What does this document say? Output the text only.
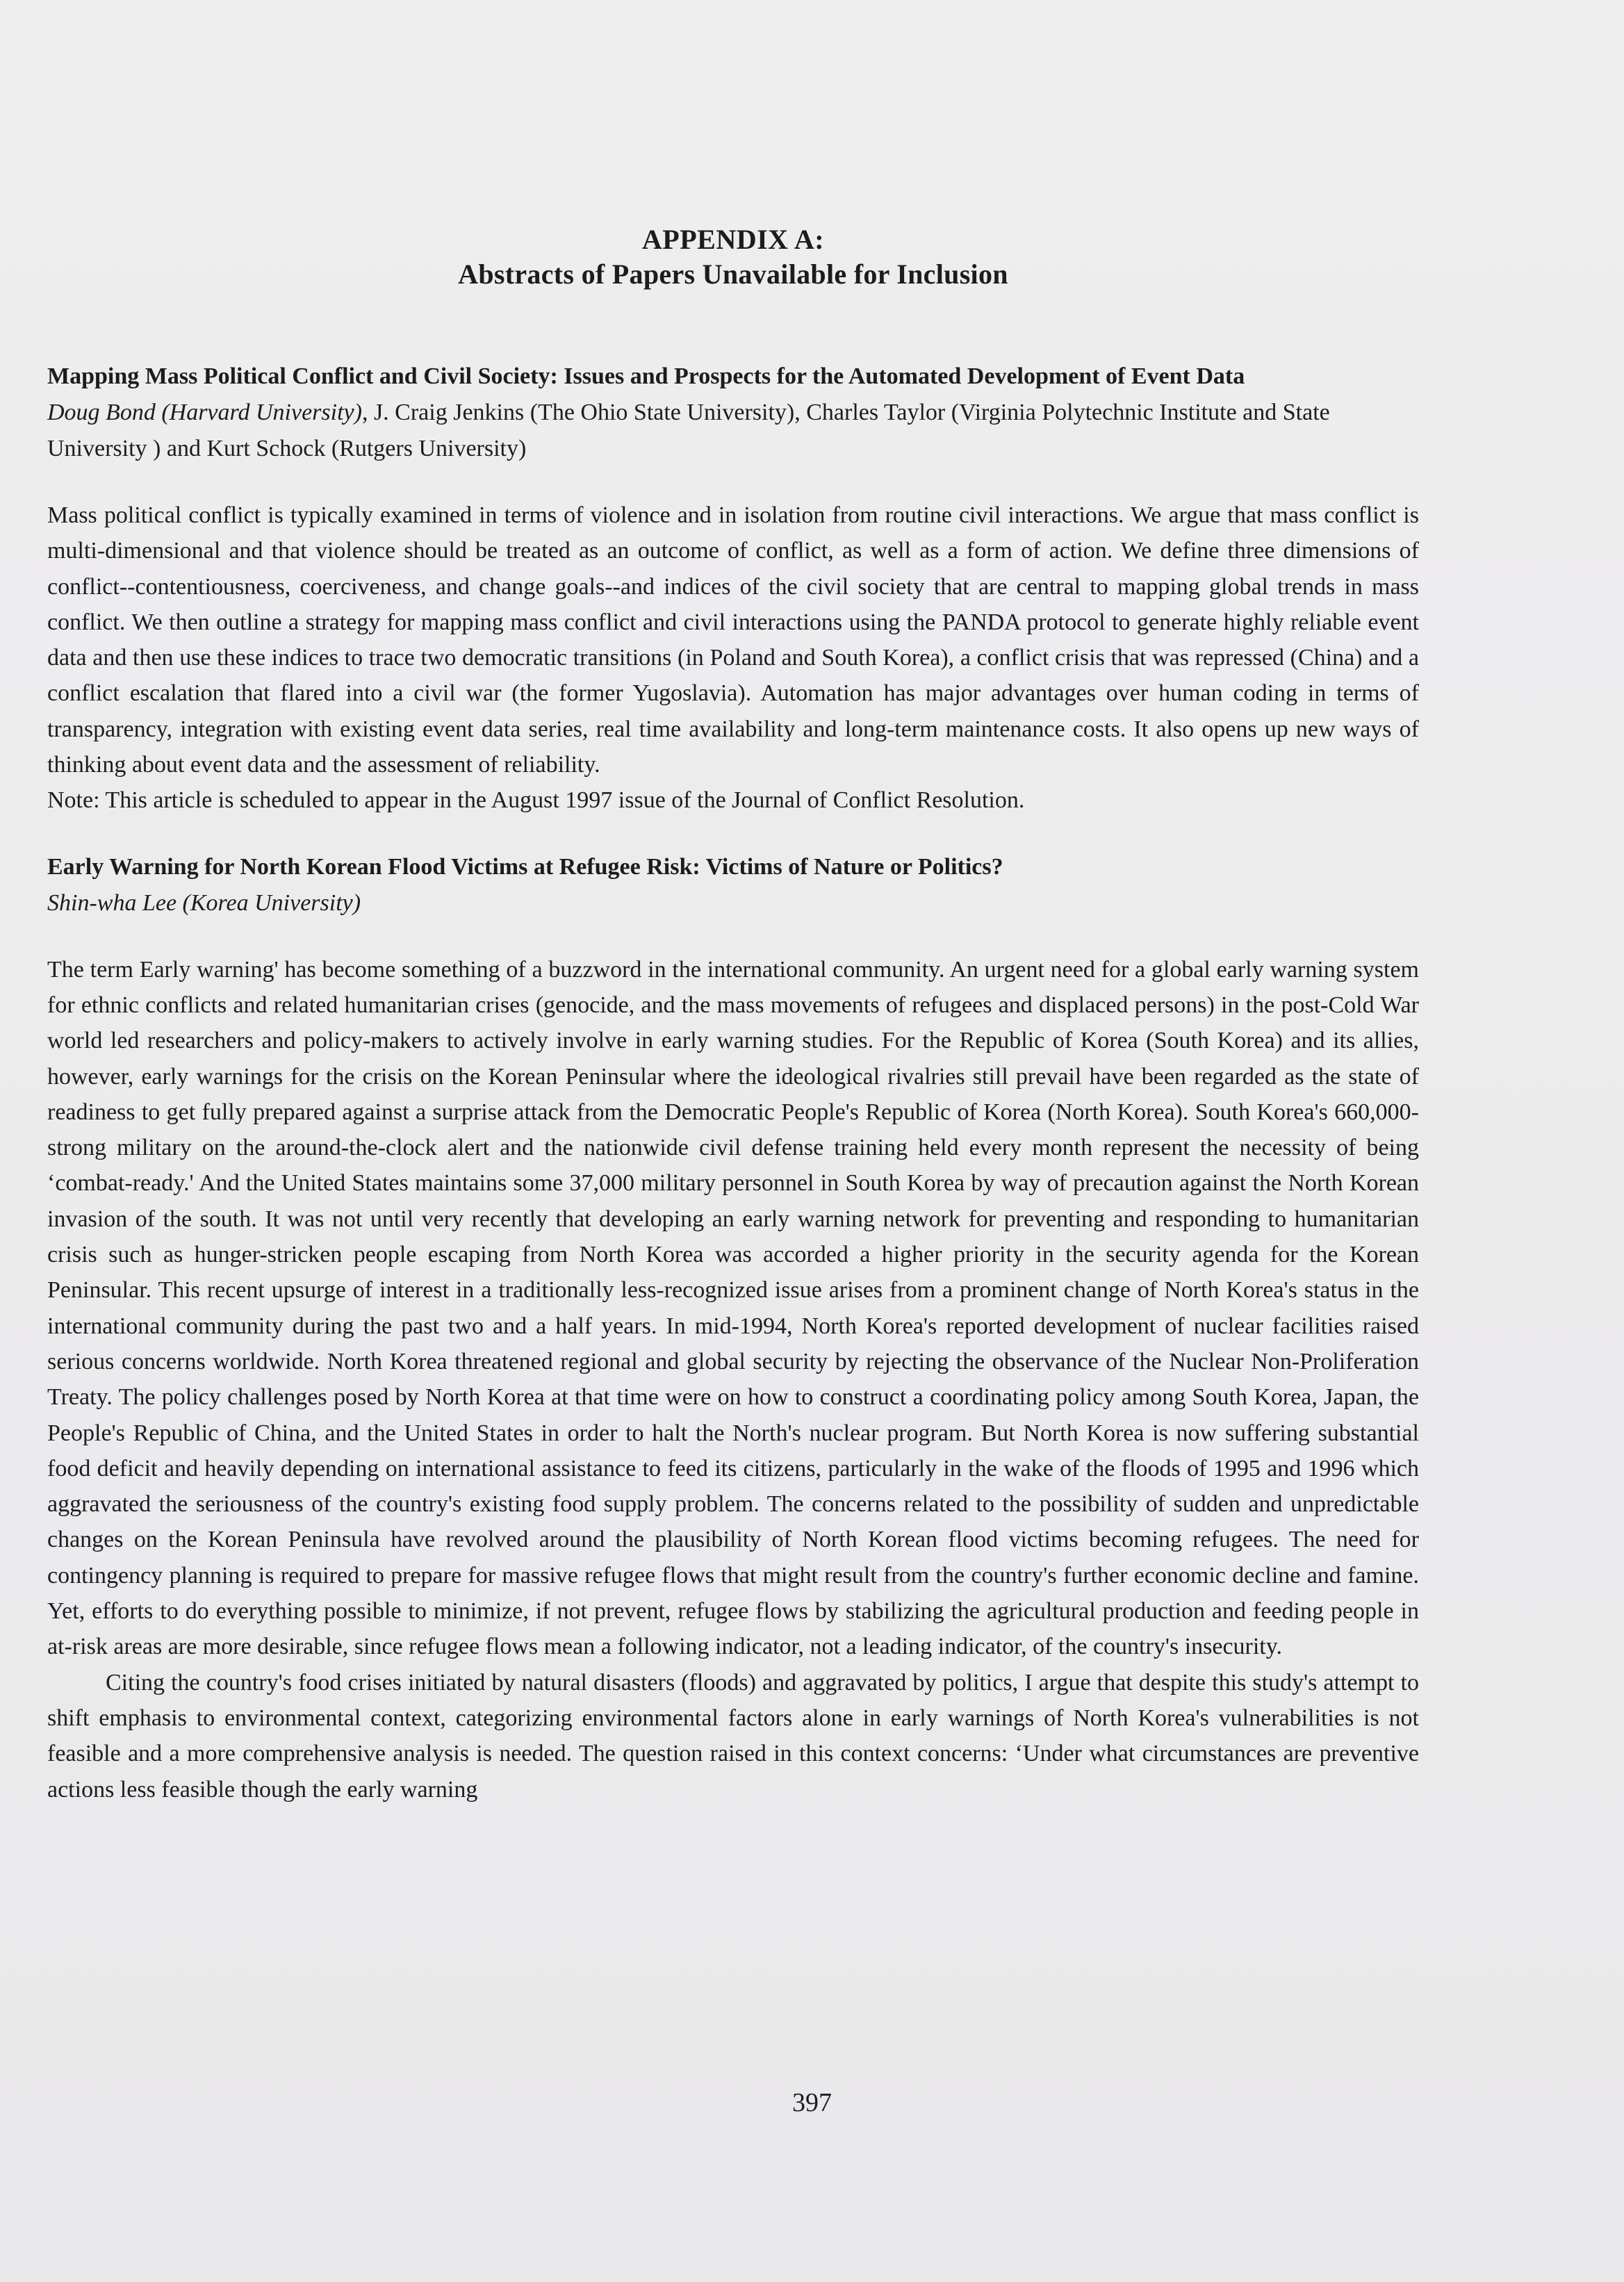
APPENDIX A:
Abstracts of Papers Unavailable for Inclusion
Mapping Mass Political Conflict and Civil Society: Issues and Prospects for the Automated Development of Event Data
Doug Bond (Harvard University), J. Craig Jenkins (The Ohio State University), Charles Taylor (Virginia Polytechnic Institute and State University ) and Kurt Schock (Rutgers University)

Mass political conflict is typically examined in terms of violence and in isolation from routine civil interactions. We argue that mass conflict is multi-dimensional and that violence should be treated as an outcome of conflict, as well as a form of action. We define three dimensions of conflict--contentiousness, coerciveness, and change goals--and indices of the civil society that are central to mapping global trends in mass conflict. We then outline a strategy for mapping mass conflict and civil interactions using the PANDA protocol to generate highly reliable event data and then use these indices to trace two democratic transitions (in Poland and South Korea), a conflict crisis that was repressed (China) and a conflict escalation that flared into a civil war (the former Yugoslavia). Automation has major advantages over human coding in terms of transparency, integration with existing event data series, real time availability and long-term maintenance costs. It also opens up new ways of thinking about event data and the assessment of reliability.

Note: This article is scheduled to appear in the August 1997 issue of the Journal of Conflict Resolution.

Early Warning for North Korean Flood Victims at Refugee Risk: Victims of Nature or Politics?
Shin-wha Lee (Korea University)

The term Early warning' has become something of a buzzword in the international community. An urgent need for a global early warning system for ethnic conflicts and related humanitarian crises (genocide, and the mass movements of refugees and displaced persons) in the post-Cold War world led researchers and policy-makers to actively involve in early warning studies. For the Republic of Korea (South Korea) and its allies, however, early warnings for the crisis on the Korean Peninsular where the ideological rivalries still prevail have been regarded as the state of readiness to get fully prepared against a surprise attack from the Democratic People's Republic of Korea (North Korea). South Korea's 660,000-strong military on the around-the-clock alert and the nationwide civil defense training held every month represent the necessity of being ‘combat-ready.' And the United States maintains some 37,000 military personnel in South Korea by way of precaution against the North Korean invasion of the south. It was not until very recently that developing an early warning network for preventing and responding to humanitarian crisis such as hunger-stricken people escaping from North Korea was accorded a higher priority in the security agenda for the Korean Peninsular. This recent upsurge of interest in a traditionally less-recognized issue arises from a prominent change of North Korea's status in the international community during the past two and a half years. In mid-1994, North Korea's reported development of nuclear facilities raised serious concerns worldwide. North Korea threatened regional and global security by rejecting the observance of the Nuclear Non-Proliferation Treaty. The policy challenges posed by North Korea at that time were on how to construct a coordinating policy among South Korea, Japan, the People's Republic of China, and the United States in order to halt the North's nuclear program. But North Korea is now suffering substantial food deficit and heavily depending on international assistance to feed its citizens, particularly in the wake of the floods of 1995 and 1996 which aggravated the seriousness of the country's existing food supply problem. The concerns related to the possibility of sudden and unpredictable changes on the Korean Peninsula have revolved around the plausibility of North Korean flood victims becoming refugees. The need for contingency planning is required to prepare for massive refugee flows that might result from the country's further economic decline and famine. Yet, efforts to do everything possible to minimize, if not prevent, refugee flows by stabilizing the agricultural production and feeding people in at-risk areas are more desirable, since refugee flows mean a following indicator, not a leading indicator, of the country's insecurity.

Citing the country's food crises initiated by natural disasters (floods) and aggravated by politics, I argue that despite this study's attempt to shift emphasis to environmental context, categorizing environmental factors alone in early warnings of North Korea's vulnerabilities is not feasible and a more comprehensive analysis is needed. The question raised in this context concerns: ‘Under what circumstances are preventive actions less feasible though the early warning

397
